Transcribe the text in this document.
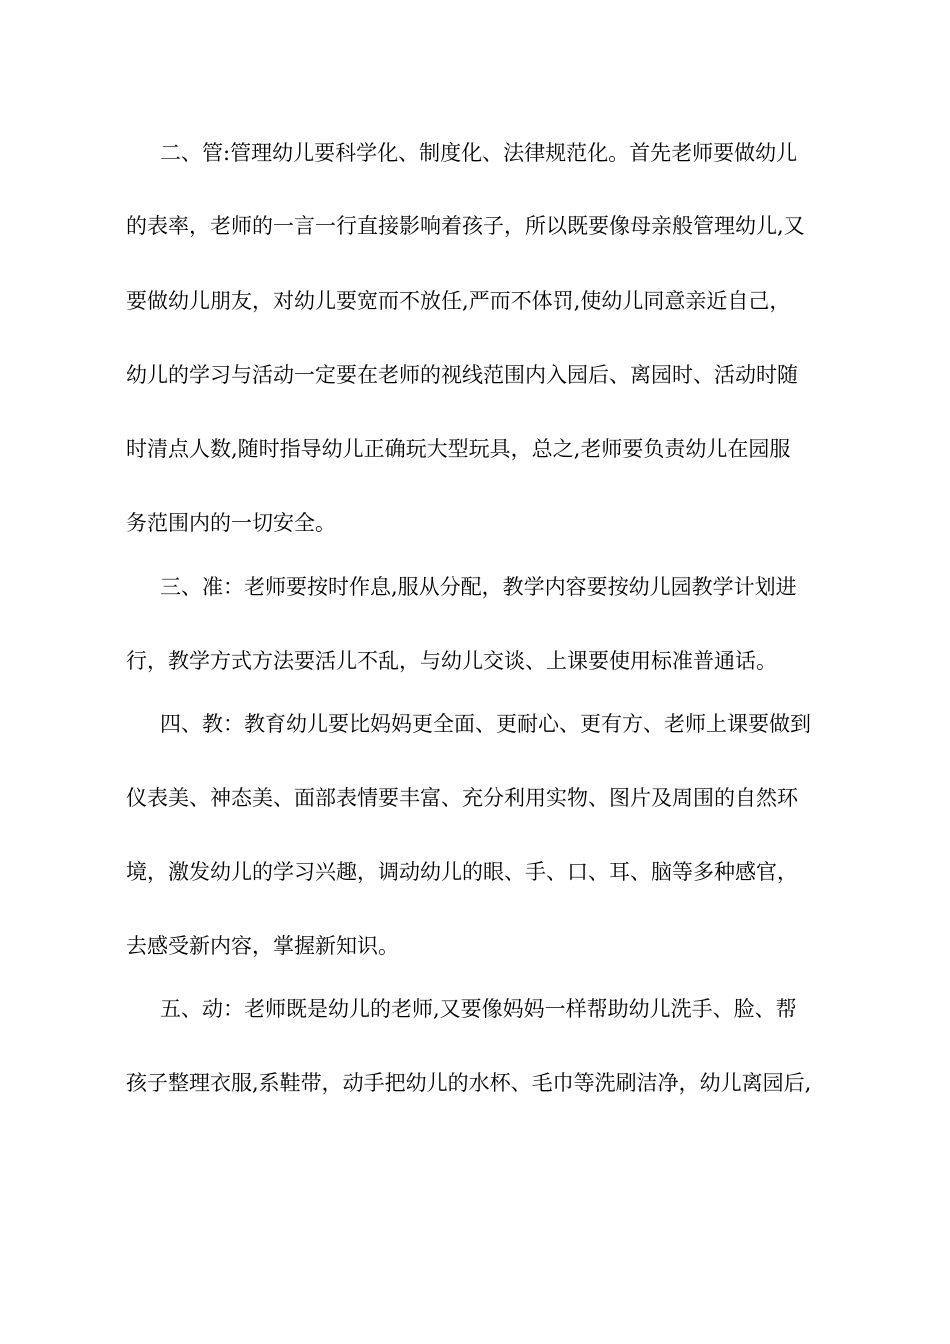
二、管:管理幼儿要科学化、制度化、法律规范化。首先老师要做幼儿

的表率，老师的一言一行直接影响着孩子，所以既要像母亲般管理幼儿,又

要做幼儿朋友，对幼儿要宽而不放任,严而不体罚,使幼儿同意亲近自己，

幼儿的学习与活动一定要在老师的视线范围内入园后、离园时、活动时随

时清点人数,随时指导幼儿正确玩大型玩具，总之,老师要负责幼儿在园服

务范围内的一切安全。

三、准：老师要按时作息,服从分配，教学内容要按幼儿园教学计划进

行，教学方式方法要活儿不乱，与幼儿交谈、上课要使用标准普通话。

四、教：教育幼儿要比妈妈更全面、更耐心、更有方、老师上课要做到

仪表美、神态美、面部表情要丰富、充分利用实物、图片及周围的自然环

境，激发幼儿的学习兴趣，调动幼儿的眼、手、口、耳、脑等多种感官，

去感受新内容，掌握新知识。

五、动：老师既是幼儿的老师,又要像妈妈一样帮助幼儿洗手、脸、帮

孩子整理衣服,系鞋带，动手把幼儿的水杯、毛巾等洗刷洁净，幼儿离园后,
